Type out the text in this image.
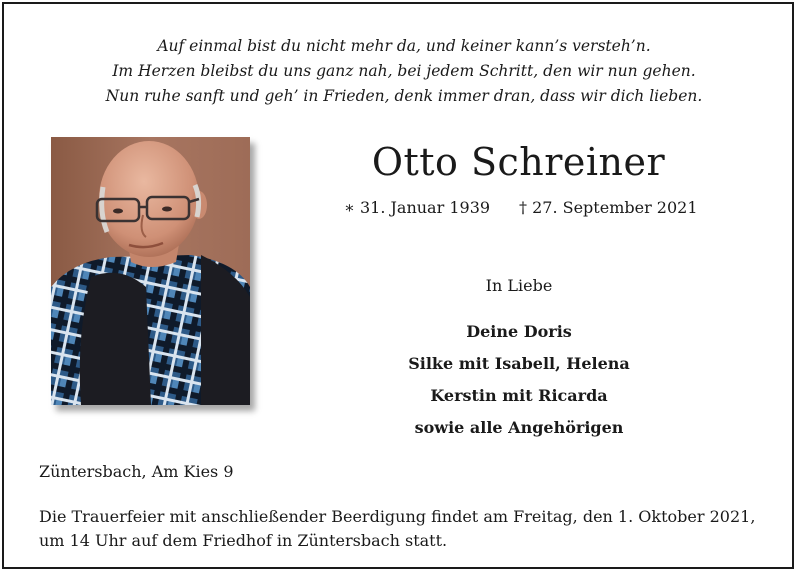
Auf einmal bist du nicht mehr da, und keiner kann’s versteh’n.
Im Herzen bleibst du uns ganz nah, bei jedem Schritt, den wir nun gehen.
Nun ruhe sanft und geh’ in Frieden, denk immer dran, dass wir dich lieben.
Otto Schreiner
∗ 31. Januar 1939 † 27. September 2021
In Liebe
Deine Doris
Silke mit Isabell, Helena
Kerstin mit Ricarda
sowie alle Angehörigen
Züntersbach, Am Kies 9
Die Trauerfeier mit anschließender Beerdigung findet am Freitag, den 1. Oktober 2021,
um 14 Uhr auf dem Friedhof in Züntersbach statt.
